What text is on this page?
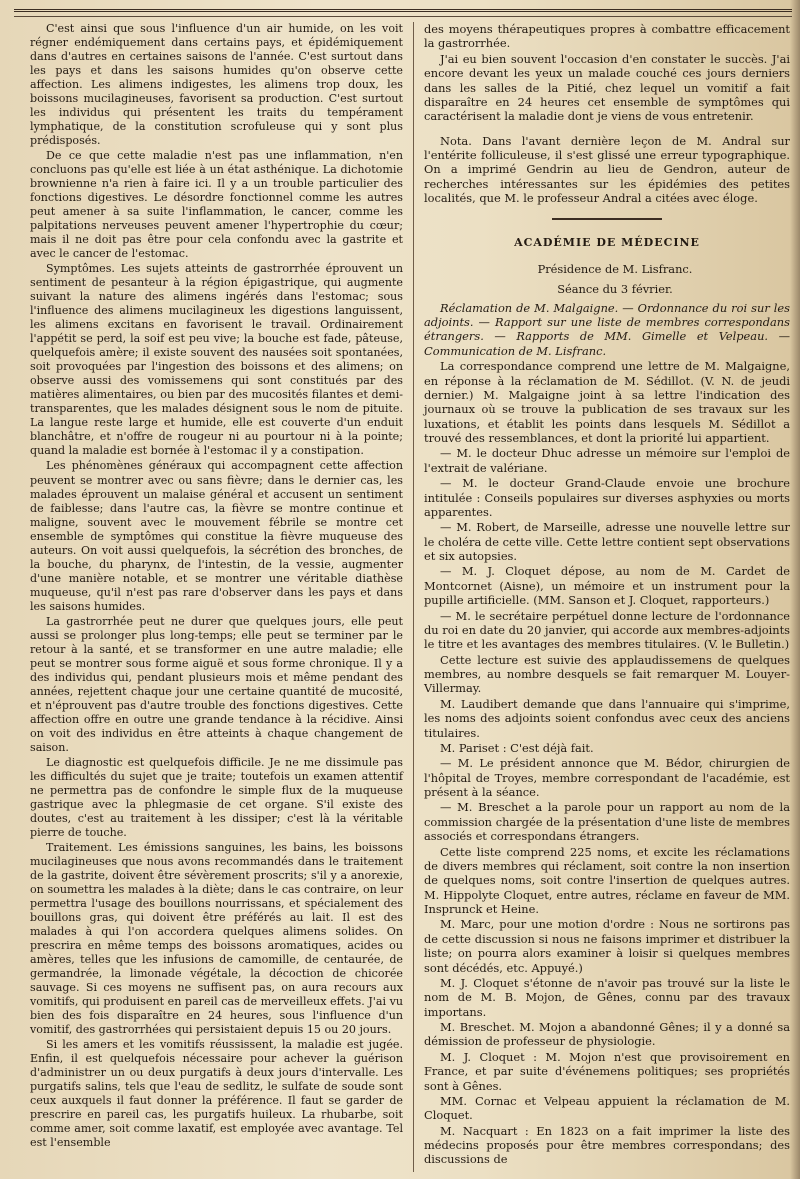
C'est ainsi que sous l'influence d'un air humide, on les voit régner endémiquement dans certains pays, et épidémiquement dans d'autres en certaines saisons de l'année. C'est surtout dans les pays et dans les saisons humides qu'on observe cette affection. Les alimens indigestes, les alimens trop doux, les boissons mucilagineuses, favorisent sa production. C'est surtout les individus qui présentent les traits du tempérament lymphatique, de la constitution scrofuleuse qui y sont plus prédisposés.

De ce que cette maladie n'est pas une inflammation, n'en concluons pas qu'elle est liée à un état asthénique. La dichotomie brownienne n'a rien à faire ici. Il y a un trouble particulier des fonctions digestives. Le désordre fonctionnel comme les autres peut amener à sa suite l'inflammation, le cancer, comme les palpitations nerveuses peuvent amener l'hypertrophie du cœur; mais il ne doit pas être pour cela confondu avec la gastrite et avec le cancer de l'estomac.

Symptômes. Les sujets atteints de gastrorrhée éprouvent un sentiment de pesanteur à la région épigastrique, qui augmente suivant la nature des alimens ingérés dans l'estomac; sous l'influence des alimens mucilagineux les digestions languissent, les alimens excitans en favorisent le travail. Ordinairement l'appétit se perd, la soif est peu vive; la bouche est fade, pâteuse, quelquefois amère; il existe souvent des nausées soit spontanées, soit provoquées par l'ingestion des boissons et des alimens; on observe aussi des vomissemens qui sont constitués par des matières alimentaires, ou bien par des mucosités filantes et demi-transparentes, que les malades désignent sous le nom de pituite. La langue reste large et humide, elle est couverte d'un enduit blanchâtre, et n'offre de rougeur ni au pourtour ni à la pointe; quand la maladie est bornée à l'estomac il y a constipation.

Les phénomènes généraux qui accompagnent cette affection peuvent se montrer avec ou sans fièvre; dans le dernier cas, les malades éprouvent un malaise général et accusent un sentiment de faiblesse; dans l'autre cas, la fièvre se montre continue et maligne, souvent avec le mouvement fébrile se montre cet ensemble de symptômes qui constitue la fièvre muqueuse des auteurs. On voit aussi quelquefois, la sécrétion des bronches, de la bouche, du pharynx, de l'intestin, de la vessie, augmenter d'une manière notable, et se montrer une véritable diathèse muqueuse, qu'il n'est pas rare d'observer dans les pays et dans les saisons humides.

La gastrorrhée peut ne durer que quelques jours, elle peut aussi se prolonger plus long-temps; elle peut se terminer par le retour à la santé, et se transformer en une autre maladie; elle peut se montrer sous forme aiguë et sous forme chronique. Il y a des individus qui, pendant plusieurs mois et même pendant des années, rejettent chaque jour une certaine quantité de mucosité, et n'éprouvent pas d'autre trouble des fonctions digestives. Cette affection offre en outre une grande tendance à la récidive. Ainsi on voit des individus en être atteints à chaque changement de saison.

Le diagnostic est quelquefois difficile. Je ne me dissimule pas les difficultés du sujet que je traite; toutefois un examen attentif ne permettra pas de confondre le simple flux de la muqueuse gastrique avec la phlegmasie de cet organe. S'il existe des doutes, c'est au traitement à les dissiper; c'est là la véritable pierre de touche.

Traitement. Les émissions sanguines, les bains, les boissons mucilagineuses que nous avons recommandés dans le traitement de la gastrite, doivent être sévèrement proscrits; s'il y a anorexie, on soumettra les malades à la diète; dans le cas contraire, on leur permettra l'usage des bouillons nourrissans, et spécialement des bouillons gras, qui doivent être préférés au lait. Il est des malades à qui l'on accordera quelques alimens solides. On prescrira en même temps des boissons aromatiques, acides ou amères, telles que les infusions de camomille, de centaurée, de germandrée, la limonade végétale, la décoction de chicorée sauvage. Si ces moyens ne suffisent pas, on aura recours aux vomitifs, qui produisent en pareil cas de merveilleux effets. J'ai vu bien des fois disparaître en 24 heures, sous l'influence d'un vomitif, des gastrorrhées qui persistaient depuis 15 ou 20 jours.

Si les amers et les vomitifs réussissent, la maladie est jugée. Enfin, il est quelquefois nécessaire pour achever la guérison d'administrer un ou deux purgatifs à deux jours d'intervalle. Les purgatifs salins, tels que l'eau de sedlitz, le sulfate de soude sont ceux auxquels il faut donner la préférence. Il faut se garder de prescrire en pareil cas, les purgatifs huileux. La rhubarbe, soit comme amer, soit comme laxatif, est employée avec avantage. Tel est l'ensemble

des moyens thérapeutiques propres à combattre efficacement la gastrorrhée.

J'ai eu bien souvent l'occasion d'en constater le succès. J'ai encore devant les yeux un malade couché ces jours derniers dans les salles de la Pitié, chez lequel un vomitif a fait disparaître en 24 heures cet ensemble de symptômes qui caractérisent la maladie dont je viens de vous entretenir.

Nota. Dans l'avant dernière leçon de M. Andral sur l'entérite folliculeuse, il s'est glissé une erreur typographique. On a imprimé Gendrin au lieu de Gendron, auteur de recherches intéressantes sur les épidémies des petites localités, que M. le professeur Andral a citées avec éloge.

ACADÉMIE DE MÉDECINE

Présidence de M. Lisfranc.

Séance du 3 février.

Réclamation de M. Malgaigne. — Ordonnance du roi sur les adjoints. — Rapport sur une liste de membres correspondans étrangers. — Rapports de MM. Gimelle et Velpeau. — Communication de M. Lisfranc.

La correspondance comprend une lettre de M. Malgaigne, en réponse à la réclamation de M. Sédillot. (V. N. de jeudi dernier.) M. Malgaigne joint à sa lettre l'indication des journaux où se trouve la publication de ses travaux sur les luxations, et établit les points dans lesquels M. Sédillot a trouvé des ressemblances, et dont la priorité lui appartient.

— M. le docteur Dhuc adresse un mémoire sur l'emploi de l'extrait de valériane.

— M. le docteur Grand-Claude envoie une brochure intitulée : Conseils populaires sur diverses asphyxies ou morts apparentes.

— M. Robert, de Marseille, adresse une nouvelle lettre sur le choléra de cette ville. Cette lettre contient sept observations et six autopsies.

— M. J. Cloquet dépose, au nom de M. Cardet de Montcornet (Aisne), un mémoire et un instrument pour la pupille artificielle. (MM. Sanson et J. Cloquet, rapporteurs.)

— M. le secrétaire perpétuel donne lecture de l'ordonnance du roi en date du 20 janvier, qui accorde aux membres-adjoints le titre et les avantages des membres titulaires. (V. le Bulletin.)

Cette lecture est suivie des applaudissemens de quelques membres, au nombre desquels se fait remarquer M. Louyer-Villermay.

M. Laudibert demande que dans l'annuaire qui s'imprime, les noms des adjoints soient confondus avec ceux des anciens titulaires.

M. Pariset : C'est déjà fait.

— M. Le président annonce que M. Bédor, chirurgien de l'hôpital de Troyes, membre correspondant de l'académie, est présent à la séance.

— M. Breschet a la parole pour un rapport au nom de la commission chargée de la présentation d'une liste de membres associés et correspondans étrangers.

Cette liste comprend 225 noms, et excite les réclamations de divers membres qui réclament, soit contre la non insertion de quelques noms, soit contre l'insertion de quelques autres. M. Hippolyte Cloquet, entre autres, réclame en faveur de MM. Insprunck et Heine.

M. Marc, pour une motion d'ordre : Nous ne sortirons pas de cette discussion si nous ne faisons imprimer et distribuer la liste; on pourra alors examiner à loisir si quelques membres sont décédés, etc. Appuyé.)

M. J. Cloquet s'étonne de n'avoir pas trouvé sur la liste le nom de M. B. Mojon, de Gênes, connu par des travaux importans.

M. Breschet. M. Mojon a abandonné Gênes; il y a donné sa démission de professeur de physiologie.

M. J. Cloquet : M. Mojon n'est que provisoirement en France, et par suite d'événemens politiques; ses propriétés sont à Gênes.

MM. Cornac et Velpeau appuient la réclamation de M. Cloquet.

M. Nacquart : En 1823 on a fait imprimer la liste des médecins proposés pour être membres correspondans; des discussions de
